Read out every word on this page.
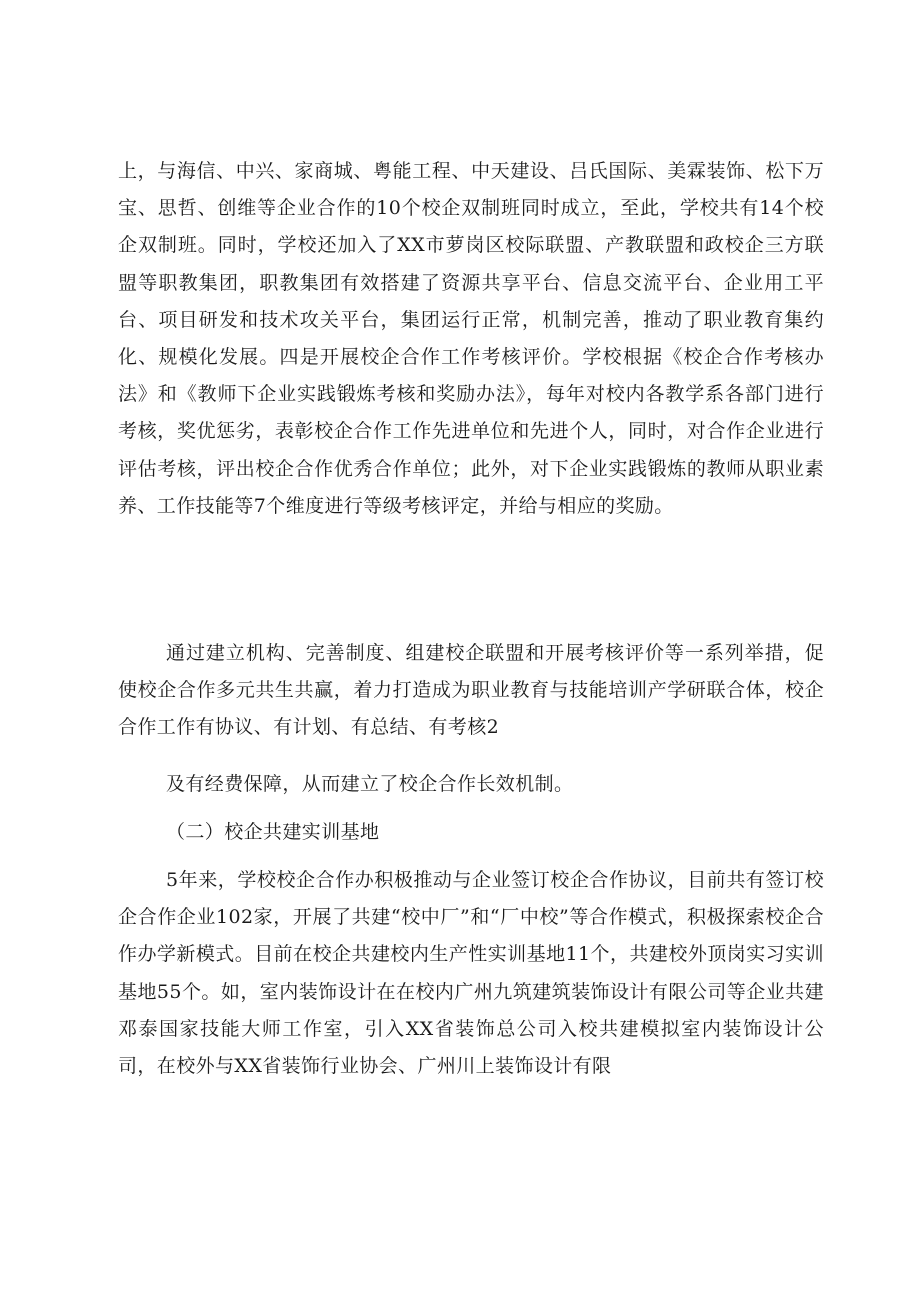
上，与海信、中兴、家商城、粤能工程、中天建设、吕氏国际、美霖装饰、松下万宝、思哲、创维等企业合作的10个校企双制班同时成立，至此，学校共有14个校企双制班。同时，学校还加入了XX市萝岗区校际联盟、产教联盟和政校企三方联盟等职教集团，职教集团有效搭建了资源共享平台、信息交流平台、企业用工平台、项目研发和技术攻关平台，集团运行正常，机制完善，推动了职业教育集约化、规模化发展。四是开展校企合作工作考核评价。学校根据《校企合作考核办法》和《教师下企业实践锻炼考核和奖励办法》，每年对校内各教学系各部门进行考核，奖优惩劣，表彰校企合作工作先进单位和先进个人，同时，对合作企业进行评估考核，评出校企合作优秀合作单位；此外，对下企业实践锻炼的教师从职业素养、工作技能等7个维度进行等级考核评定，并给与相应的奖励。

通过建立机构、完善制度、组建校企联盟和开展考核评价等一系列举措，促使校企合作多元共生共赢，着力打造成为职业教育与技能培训产学研联合体，校企合作工作有协议、有计划、有总结、有考核2

及有经费保障，从而建立了校企合作长效机制。

（二）校企共建实训基地

5年来，学校校企合作办积极推动与企业签订校企合作协议，目前共有签订校企合作企业102家，开展了共建“校中厂”和“厂中校”等合作模式，积极探索校企合作办学新模式。目前在校企共建校内生产性实训基地11个，共建校外顶岗实习实训基地55个。如，室内装饰设计在在校内广州九筑建筑装饰设计有限公司等企业共建邓泰国家技能大师工作室，引入XX省装饰总公司入校共建模拟室内装饰设计公司，在校外与XX省装饰行业协会、广州川上装饰设计有限
